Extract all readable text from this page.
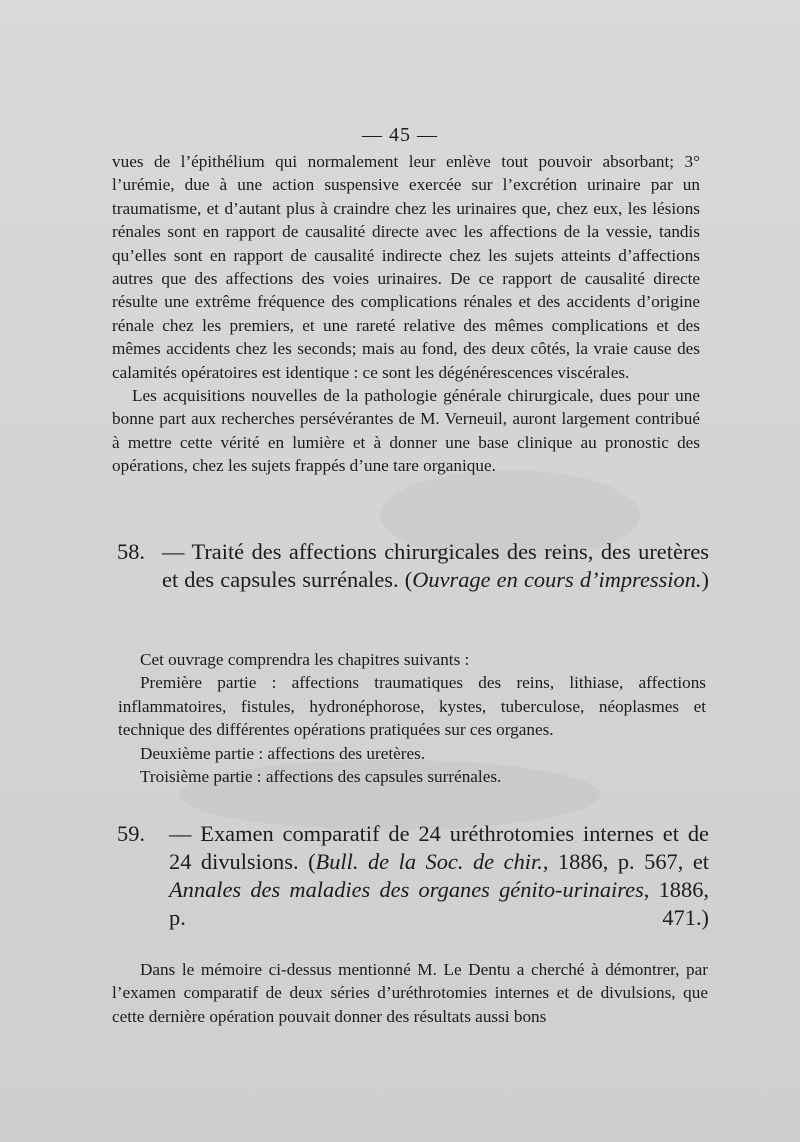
— 45 —

vues de l’épithélium qui normalement leur enlève tout pouvoir absorbant; 3° l’urémie, due à une action suspensive exercée sur l’excrétion urinaire par un traumatisme, et d’autant plus à craindre chez les urinaires que, chez eux, les lésions rénales sont en rapport de causalité directe avec les affections de la vessie, tandis qu’elles sont en rapport de causalité indirecte chez les sujets atteints d’affections autres que des affections des voies urinaires. De ce rapport de causalité directe résulte une extrême fréquence des complications rénales et des accidents d’origine rénale chez les premiers, et une rareté relative des mêmes complications et des mêmes accidents chez les seconds; mais au fond, des deux côtés, la vraie cause des calamités opératoires est identique : ce sont les dégénérescences viscérales.

Les acquisitions nouvelles de la pathologie générale chirurgicale, dues pour une bonne part aux recherches persévérantes de M. Verneuil, auront largement contribué à mettre cette vérité en lumière et à donner une base clinique au pronostic des opérations, chez les sujets frappés d’une tare organique.

58. — Traité des affections chirurgicales des reins, des uretères et des capsules surrénales. (Ouvrage en cours d’impression.)

Cet ouvrage comprendra les chapitres suivants :

Première partie : affections traumatiques des reins, lithiase, affections inflammatoires, fistules, hydronéphorose, kystes, tuberculose, néoplasmes et technique des différentes opérations pratiquées sur ces organes.

Deuxième partie : affections des uretères.

Troisième partie : affections des capsules surrénales.

59.	— Examen comparatif de 24 uréthrotomies internes et de 24 divulsions. (Bull. de la Soc. de chir., 1886, p. 567, et Annales des maladies des organes génito-urinaires, 1886, p. 471.)

Dans le mémoire ci-dessus mentionné M. Le Dentu a cherché à démontrer, par l’examen comparatif de deux séries d’uréthrotomies internes et de divulsions, que cette dernière opération pouvait donner des résultats aussi bons
